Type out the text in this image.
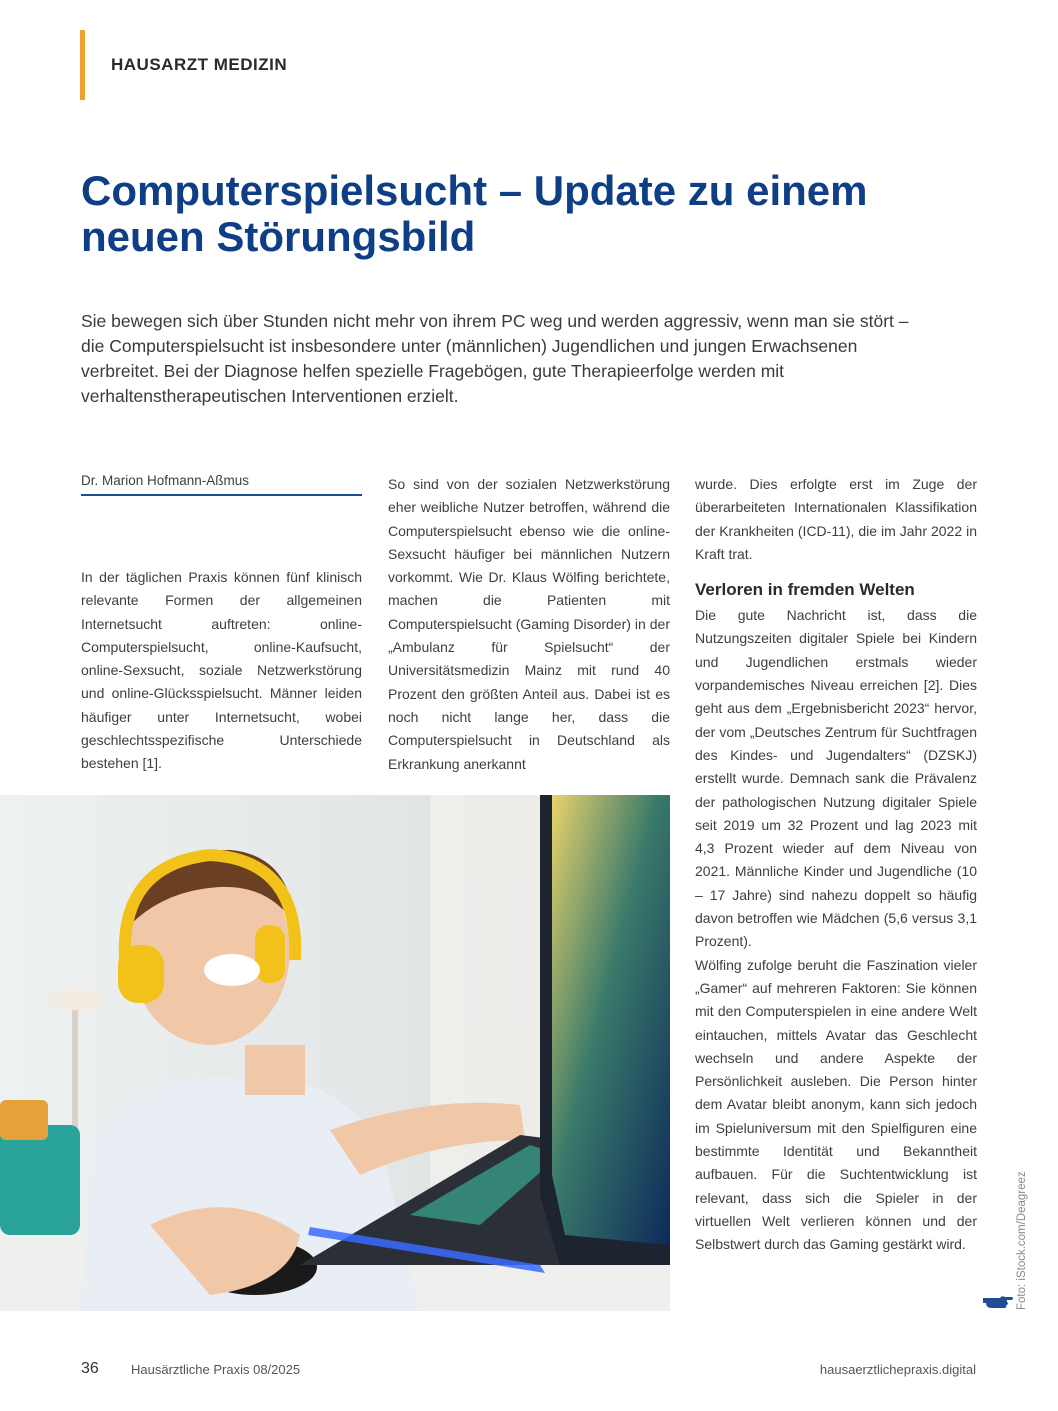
HAUSARZT MEDIZIN
Computerspielsucht – Update zu einem neuen Störungsbild

Sie bewegen sich über Stunden nicht mehr von ihrem PC weg und werden aggressiv, wenn man sie stört – die Computerspielsucht ist insbesondere unter (männlichen) Jugendlichen und jungen Erwachsenen verbreitet. Bei der Diagnose helfen spezielle Fragebögen, gute Therapieerfolge werden mit verhaltenstherapeutischen Interventionen erzielt.

Dr. Marion Hofmann-Aßmus

In der täglichen Praxis können fünf klinisch relevante Formen der allgemeinen Internetsucht auftreten: online-Computerspielsucht, online-Kaufsucht, online-Sexsucht, soziale Netzwerkstörung und online-Glücksspielsucht. Männer leiden häufiger unter Internetsucht, wobei geschlechtsspezifische Unterschiede bestehen [1].

So sind von der sozialen Netzwerkstörung eher weibliche Nutzer betroffen, während die Computerspielsucht ebenso wie die online-Sexsucht häufiger bei männlichen Nutzern vorkommt. Wie Dr. Klaus Wölfing berichtete, machen die Patienten mit Computerspielsucht (Gaming Disorder) in der „Ambulanz für Spielsucht“ der Universitätsmedizin Mainz mit rund 40 Prozent den größten Anteil aus. Dabei ist es noch nicht lange her, dass die Computerspielsucht in Deutschland als Erkrankung anerkannt

wurde. Dies erfolgte erst im Zuge der überarbeiteten Internationalen Klassifikation der Krankheiten (ICD-11), die im Jahr 2022 in Kraft trat.

Verloren in fremden Welten

Die gute Nachricht ist, dass die Nutzungszeiten digitaler Spiele bei Kindern und Jugendlichen erstmals wieder vorpandemisches Niveau erreichen [2]. Dies geht aus dem „Ergebnisbericht 2023“ hervor, der vom „Deutsches Zentrum für Suchtfragen des Kindes- und Jugendalters“ (DZSKJ) erstellt wurde. Demnach sank die Prävalenz der pathologischen Nutzung digitaler Spiele seit 2019 um 32 Prozent und lag 2023 mit 4,3 Prozent wieder auf dem Niveau von 2021. Männliche Kinder und Jugendliche (10 – 17 Jahre) sind nahezu doppelt so häufig davon betroffen wie Mädchen (5,6 versus 3,1 Prozent).

Wölfing zufolge beruht die Faszination vieler „Gamer“ auf mehreren Faktoren: Sie können mit den Computerspielen in eine andere Welt eintauchen, mittels Avatar das Geschlecht wechseln und andere Aspekte der Persönlichkeit ausleben. Die Person hinter dem Avatar bleibt anonym, kann sich jedoch im Spieluniversum mit den Spielfiguren eine bestimmte Identität und Bekanntheit aufbauen. Für die Suchtentwicklung ist relevant, dass sich die Spieler in der virtuellen Welt verlieren können und der Selbstwert durch das Gaming gestärkt wird.	Foto: iStock.com/Deagreez
36 Hausärztliche Praxis 08/2025	hausaerztlichepraxis.digital
